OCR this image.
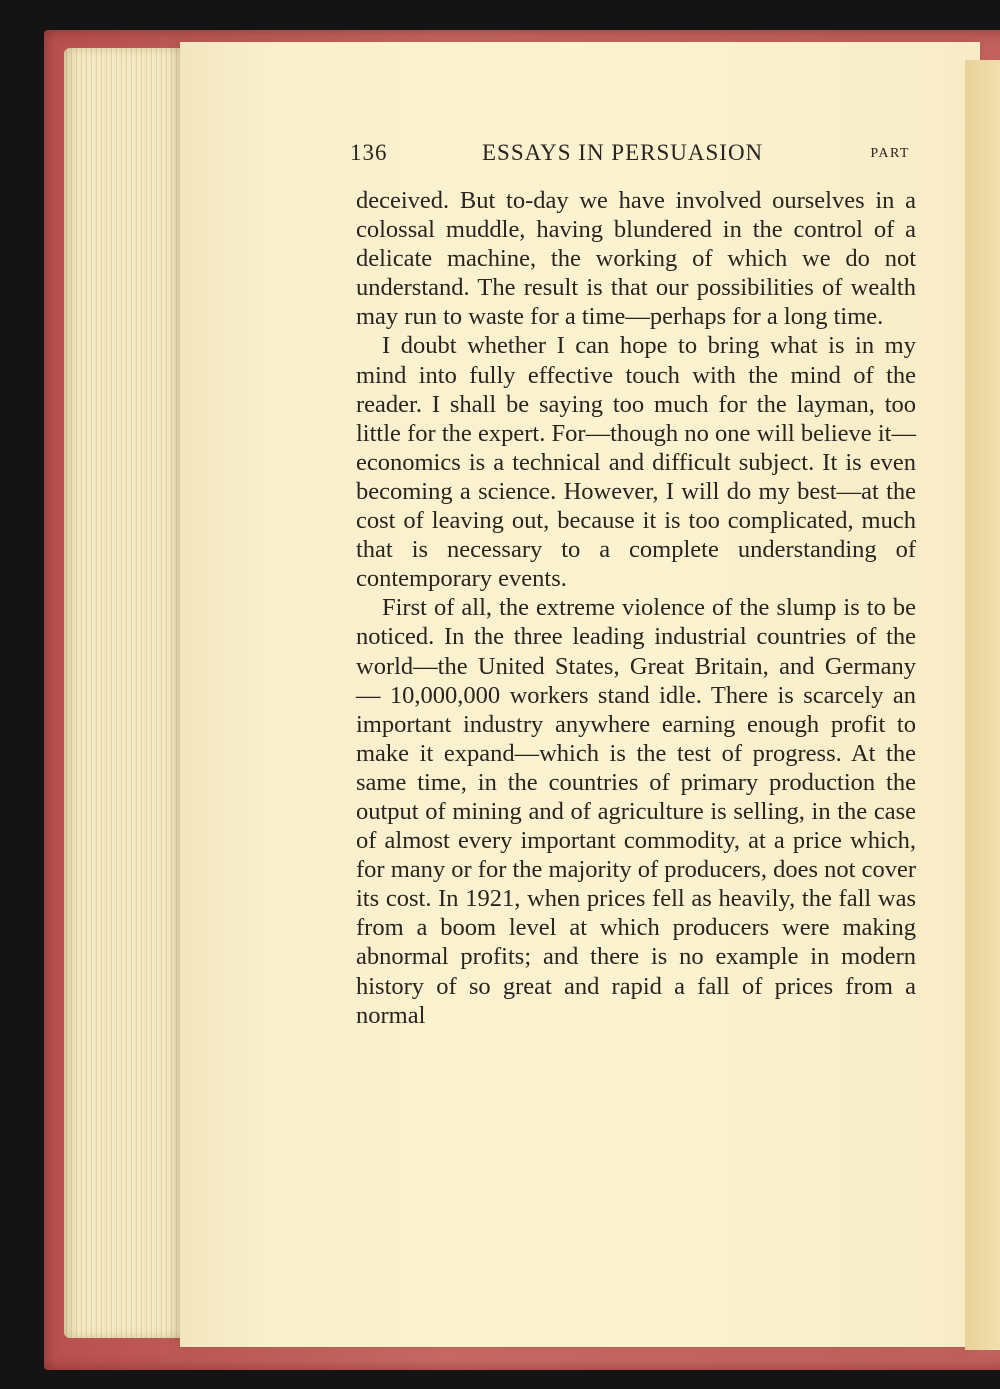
136	ESSAYS IN PERSUASION	PART

deceived. But to-day we have involved ourselves in a colossal muddle, having blundered in the control of a delicate machine, the working of which we do not understand. The result is that our possibilities of wealth may run to waste for a time—perhaps for a long time.

I doubt whether I can hope to bring what is in my mind into fully effective touch with the mind of the reader. I shall be saying too much for the layman, too little for the expert. For—though no one will believe it—economics is a technical and difficult subject. It is even becoming a science. However, I will do my best—at the cost of leaving out, because it is too complicated, much that is necessary to a complete understanding of contemporary events.

First of all, the extreme violence of the slump is to be noticed. In the three leading industrial countries of the world—the United States, Great Britain, and Germany — 10,000,000 workers stand idle. There is scarcely an important industry anywhere earning enough profit to make it expand—which is the test of progress. At the same time, in the countries of primary production the output of mining and of agriculture is selling, in the case of almost every important commodity, at a price which, for many or for the majority of producers, does not cover its cost. In 1921, when prices fell as heavily, the fall was from a boom level at which producers were making abnormal profits; and there is no example in modern history of so great and rapid a fall of prices from a normal
